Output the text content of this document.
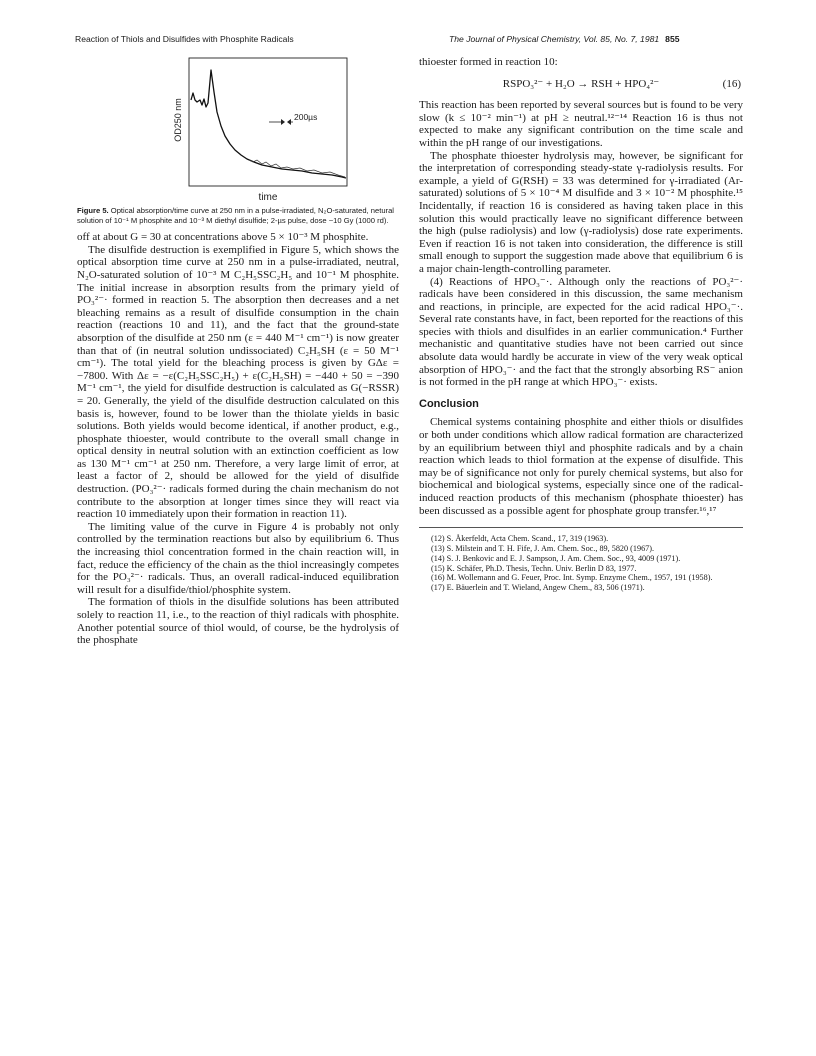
Reaction of Thiols and Disulfides with Phosphite Radicals	The Journal of Physical Chemistry, Vol. 85, No. 7, 1981 855
OD250 nm	200µs
time
Figure 5. Optical absorption/time curve at 250 nm in a pulse-irradiated, N₂O-saturated, netural solution of 10⁻¹ M phosphite and 10⁻³ M diethyl disulfide; 2-µs pulse, dose ~10 Gy (1000 rd).

off at about G = 30 at concentrations above 5 × 10⁻³ M phosphite.

The disulfide destruction is exemplified in Figure 5, which shows the optical absorption time curve at 250 nm in a pulse-irradiated, neutral, N₂O-saturated solution of 10⁻³ M C₂H₅SSC₂H₅ and 10⁻¹ M phosphite. The initial increase in absorption results from the primary yield of PO₃²⁻· formed in reaction 5. The absorption then decreases and a net bleaching remains as a result of disulfide consumption in the chain reaction (reactions 10 and 11), and the fact that the ground-state absorption of the disulfide at 250 nm (ε = 440 M⁻¹ cm⁻¹) is now greater than that of (in neutral solution undissociated) C₂H₅SH (ε = 50 M⁻¹ cm⁻¹). The total yield for the bleaching process is given by GΔε = −7800. With Δε = −ε(C₂H₅SSC₂H₅) + ε(C₂H₅SH) = −440 + 50 = −390 M⁻¹ cm⁻¹, the yield for disulfide destruction is calculated as G(−RSSR) = 20. Generally, the yield of the disulfide destruction calculated on this basis is, however, found to be lower than the thiolate yields in basic solutions. Both yields would become identical, if another product, e.g., phosphate thioester, would contribute to the overall small change in optical density in neutral solution with an extinction coefficient as low as 130 M⁻¹ cm⁻¹ at 250 nm. Therefore, a very large limit of error, at least a factor of 2, should be allowed for the yield of disulfide destruction. (PO₃²⁻· radicals formed during the chain mechanism do not contribute to the absorption at longer times since they will react via reaction 10 immediately upon their formation in reaction 11).

The limiting value of the curve in Figure 4 is probably not only controlled by the termination reactions but also by equilibrium 6. Thus the increasing thiol concentration formed in the chain reaction will, in fact, reduce the efficiency of the chain as the thiol increasingly competes for the PO₃²⁻· radicals. Thus, an overall radical-induced equilibration will result for a disulfide/thiol/phosphite system.

The formation of thiols in the disulfide solutions has been attributed solely to reaction 11, i.e., to the reaction of thiyl radicals with phosphite. Another potential source of thiol would, of course, be the hydrolysis of the phosphate

thioester formed in reaction 10:

RSPO₃²⁻ + H₂O → RSH + HPO₄²⁻	(16)

This reaction has been reported by several sources but is found to be very slow (k ≤ 10⁻² min⁻¹) at pH ≥ neutral.¹²⁻¹⁴ Reaction 16 is thus not expected to make any significant contribution on the time scale and within the pH range of our investigations.

The phosphate thioester hydrolysis may, however, be significant for the interpretation of corresponding steady-state γ-radiolysis results. For example, a yield of G(RSH) = 33 was determined for γ-irradiated (Ar-saturated) solutions of 5 × 10⁻⁴ M disulfide and 3 × 10⁻² M phosphite.¹⁵ Incidentally, if reaction 16 is considered as having taken place in this solution this would practically leave no significant difference between the high (pulse radiolysis) and low (γ-radiolysis) dose rate experiments. Even if reaction 16 is not taken into consideration, the difference is still small enough to support the suggestion made above that equilibrium 6 is a major chain-length-controlling parameter.

(4) Reactions of HPO₃⁻·. Although only the reactions of PO₃²⁻· radicals have been considered in this discussion, the same mechanism and reactions, in principle, are expected for the acid radical HPO₃⁻·. Several rate constants have, in fact, been reported for the reactions of this species with thiols and disulfides in an earlier communication.⁴ Further mechanistic and quantitative studies have not been carried out since absolute data would hardly be accurate in view of the very weak optical absorption of HPO₃⁻· and the fact that the strongly absorbing RS⁻ anion is not formed in the pH range at which HPO₃⁻· exists.

Conclusion

Chemical systems containing phosphite and either thiols or disulfides or both under conditions which allow radical formation are characterized by an equilibrium between thiyl and phosphite radicals and by a chain reaction which leads to thiol formation at the expense of disulfide. This may be of significance not only for purely chemical systems, but also for biochemical and biological systems, especially since one of the radical-induced reaction products of this mechanism (phosphate thioester) has been discussed as a possible agent for phosphate group transfer.¹⁶,¹⁷

(12) S. Åkerfeldt, Acta Chem. Scand., 17, 319 (1963).
(13) S. Milstein and T. H. Fife, J. Am. Chem. Soc., 89, 5820 (1967).
(14) S. J. Benkovic and E. J. Sampson, J. Am. Chem. Soc., 93, 4009 (1971).
(15) K. Schäfer, Ph.D. Thesis, Techn. Univ. Berlin D 83, 1977.
(16) M. Wollemann and G. Feuer, Proc. Int. Symp. Enzyme Chem., 1957, 191 (1958).
(17) E. Bäuerlein and T. Wieland, Angew Chem., 83, 506 (1971).
